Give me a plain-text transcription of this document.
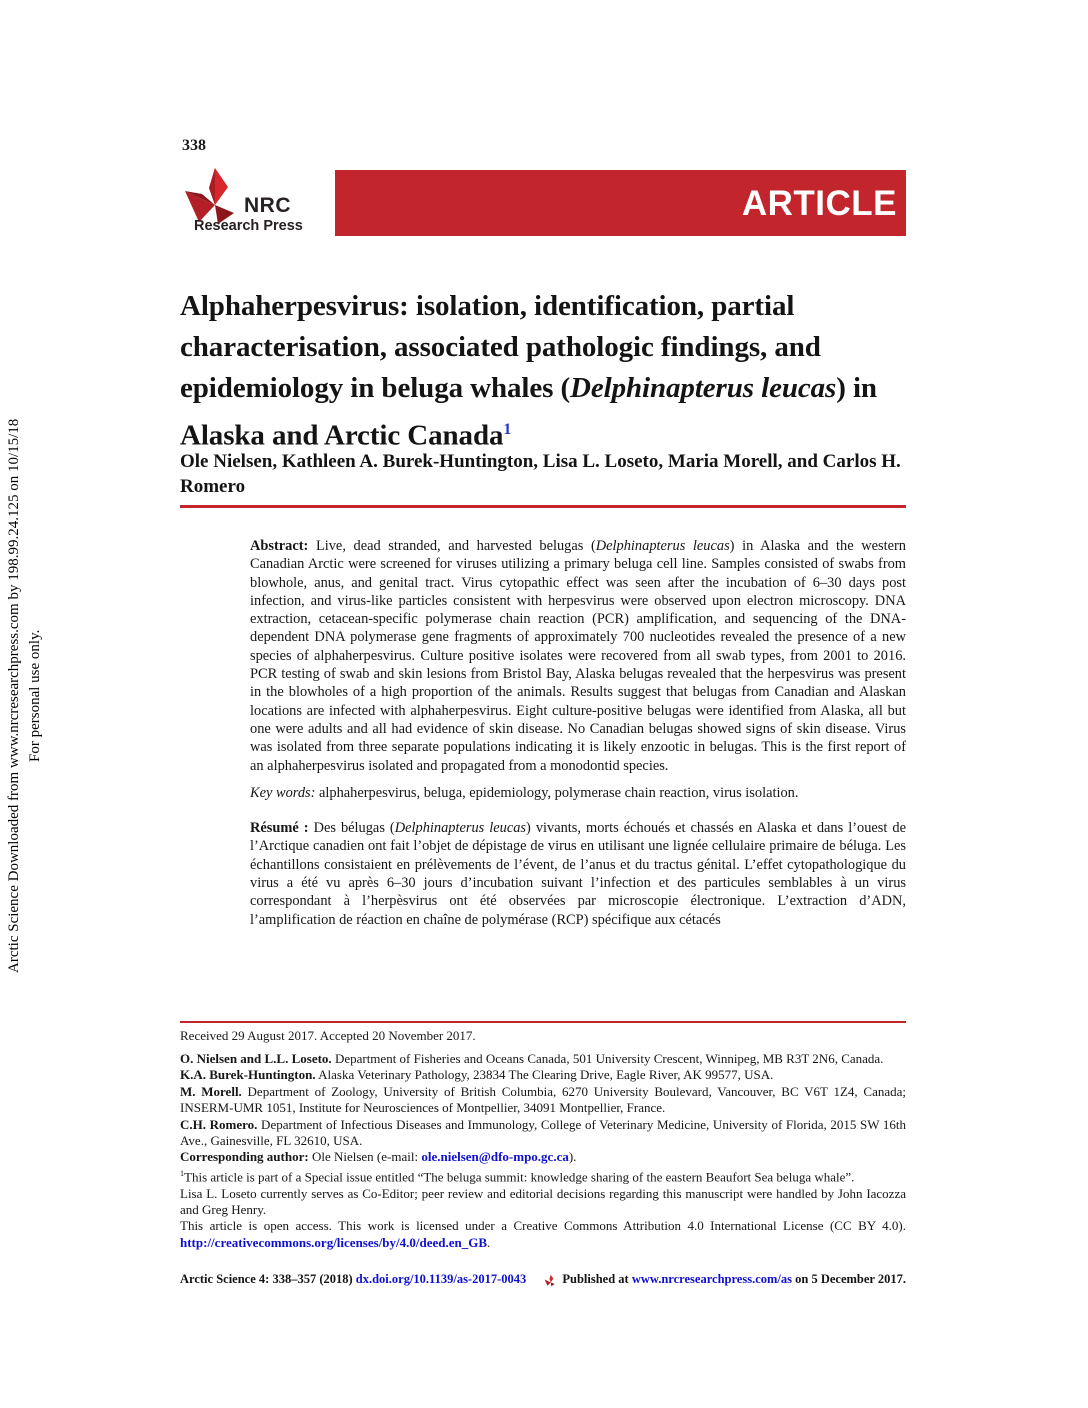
Arctic Science Downloaded from www.nrcresearchpress.com by 198.99.24.125 on 10/15/18 For personal use only.
338
NRC
Research Press
ARTICLE
Alphaherpesvirus: isolation, identification, partial characterisation, associated pathologic findings, and epidemiology in beluga whales (Delphinapterus leucas) in Alaska and Arctic Canada$^1$
Ole Nielsen, Kathleen A. Burek-Huntington, Lisa L. Loseto, Maria Morell, and Carlos H. Romero

Abstract: Live, dead stranded, and harvested belugas (Delphinapterus leucas) in Alaska and the western Canadian Arctic were screened for viruses utilizing a primary beluga cell line. Samples consisted of swabs from blowhole, anus, and genital tract. Virus cytopathic effect was seen after the incubation of 6–30 days post infection, and virus-like particles consistent with herpesvirus were observed upon electron microscopy. DNA extraction, cetacean-specific polymerase chain reaction (PCR) amplification, and sequencing of the DNA-dependent DNA polymerase gene fragments of approximately 700 nucleotides revealed the presence of a new species of alphaherpesvirus. Culture positive isolates were recovered from all swab types, from 2001 to 2016. PCR testing of swab and skin lesions from Bristol Bay, Alaska belugas revealed that the herpesvirus was present in the blowholes of a high proportion of the animals. Results suggest that belugas from Canadian and Alaskan locations are infected with alphaherpesvirus. Eight culture-positive belugas were identified from Alaska, all but one were adults and all had evidence of skin disease. No Canadian belugas showed signs of skin disease. Virus was isolated from three separate populations indicating it is likely enzootic in belugas. This is the first report of an alphaherpesvirus isolated and propagated from a monodontid species.

Key words: alphaherpesvirus, beluga, epidemiology, polymerase chain reaction, virus isolation.

Résumé : Des bélugas (Delphinapterus leucas) vivants, morts échoués et chassés en Alaska et dans l’ouest de l’Arctique canadien ont fait l’objet de dépistage de virus en utilisant une lignée cellulaire primaire de béluga. Les échantillons consistaient en prélèvements de l’évent, de l’anus et du tractus génital. L’effet cytopathologique du virus a été vu après 6–30 jours d’incubation suivant l’infection et des particules semblables à un virus correspondant à l’herpèsvirus ont été observées par microscopie électronique. L’extraction d’ADN, l’amplification de réaction en chaîne de polymérase (RCP) spécifique aux cétacés

Received 29 August 2017. Accepted 20 November 2017.

O. Nielsen and L.L. Loseto. Department of Fisheries and Oceans Canada, 501 University Crescent, Winnipeg, MB R3T 2N6, Canada.

K.A. Burek-Huntington. Alaska Veterinary Pathology, 23834 The Clearing Drive, Eagle River, AK 99577, USA.

M. Morell. Department of Zoology, University of British Columbia, 6270 University Boulevard, Vancouver, BC V6T 1Z4, Canada; INSERM-UMR 1051, Institute for Neurosciences of Montpellier, 34091 Montpellier, France.

C.H. Romero. Department of Infectious Diseases and Immunology, College of Veterinary Medicine, University of Florida, 2015 SW 16th Ave., Gainesville, FL 32610, USA.

Corresponding author: Ole Nielsen (e-mail: ole.nielsen@dfo-mpo.gc.ca).

$^1$This article is part of a Special issue entitled “The beluga summit: knowledge sharing of the eastern Beaufort Sea beluga whale”.

Lisa L. Loseto currently serves as Co-Editor; peer review and editorial decisions regarding this manuscript were handled by John Iacozza and Greg Henry.

This article is open access. This work is licensed under a Creative Commons Attribution 4.0 International License (CC BY 4.0). http://creativecommons.org/licenses/by/4.0/deed.en_GB.

Arctic Science 4: 338–357 (2018) dx.doi.org/10.1139/as-2017-0043	Published at www.nrcresearchpress.com/as on 5 December 2017.
